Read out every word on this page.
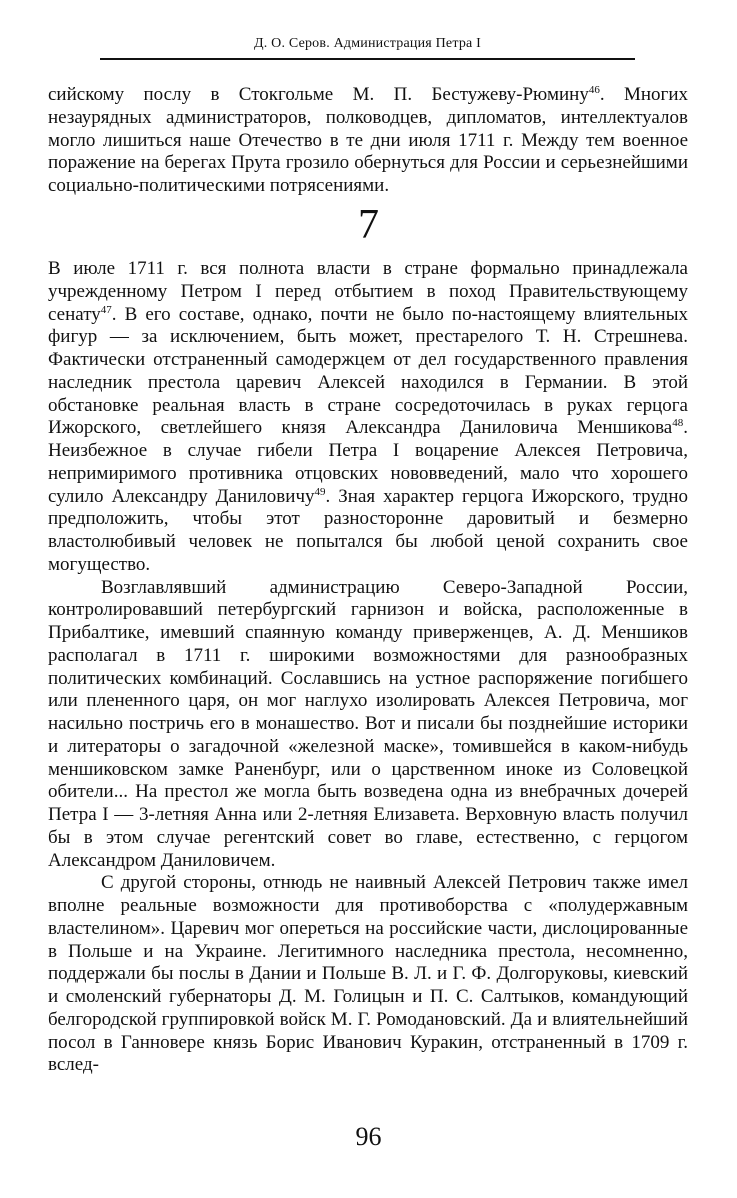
Д. О. Серов. Администрация Петра I

сийскому послу в Стокгольме М. П. Бестужеву-Рюмину$^{46}$. Многих незаурядных администраторов, полководцев, дипломатов, интеллектуалов могло лишиться наше Отечество в те дни июля 1711 г. Между тем военное поражение на берегах Прута грозило обернуться для России и серьезнейшими социально-политическими потрясениями.

7

В июле 1711 г. вся полнота власти в стране формально принадлежала учрежденному Петром I перед отбытием в поход Правительствующему сенату$^{47}$. В его составе, однако, почти не было по-настоящему влиятельных фигур — за исключением, быть может, престарелого Т. Н. Стрешнева. Фактически отстраненный самодержцем от дел государственного правления наследник престола царевич Алексей находился в Германии. В этой обстановке реальная власть в стране сосредоточилась в руках герцога Ижорского, светлейшего князя Александра Даниловича Меншикова$^{48}$. Неизбежное в случае гибели Петра I воцарение Алексея Петровича, непримиримого противника отцовских нововведений, мало что хорошего сулило Александру Даниловичу$^{49}$. Зная характер герцога Ижорского, трудно предположить, чтобы этот разносторонне даровитый и безмерно властолюбивый человек не попытался бы любой ценой сохранить свое могущество.

Возглавлявший администрацию Северо-Западной России, контролировавший петербургский гарнизон и войска, расположенные в Прибалтике, имевший спаянную команду приверженцев, А. Д. Меншиков располагал в 1711 г. широкими возможностями для разнообразных политических комбинаций. Сославшись на устное распоряжение погибшего или плененного царя, он мог наглухо изолировать Алексея Петровича, мог насильно постричь его в монашество. Вот и писали бы позднейшие историки и литераторы о загадочной «железной маске», томившейся в каком-нибудь меншиковском замке Раненбург, или о царственном иноке из Соловецкой обители... На престол же могла быть возведена одна из внебрачных дочерей Петра I — 3-летняя Анна или 2-летняя Елизавета. Верховную власть получил бы в этом случае регентский совет во главе, естественно, с герцогом Александром Даниловичем.

С другой стороны, отнюдь не наивный Алексей Петрович также имел вполне реальные возможности для противоборства с «полудержавным властелином». Царевич мог опереться на российские части, дислоцированные в Польше и на Украине. Легитимного наследника престола, несомненно, поддержали бы послы в Дании и Польше В. Л. и Г. Ф. Долгоруковы, киевский и смоленский губернаторы Д. М. Голицын и П. С. Салтыков, командующий белгородской группировкой войск М. Г. Ромодановский. Да и влиятельнейший посол в Ганновере князь Борис Иванович Куракин, отстраненный в 1709 г. вслед-

96
